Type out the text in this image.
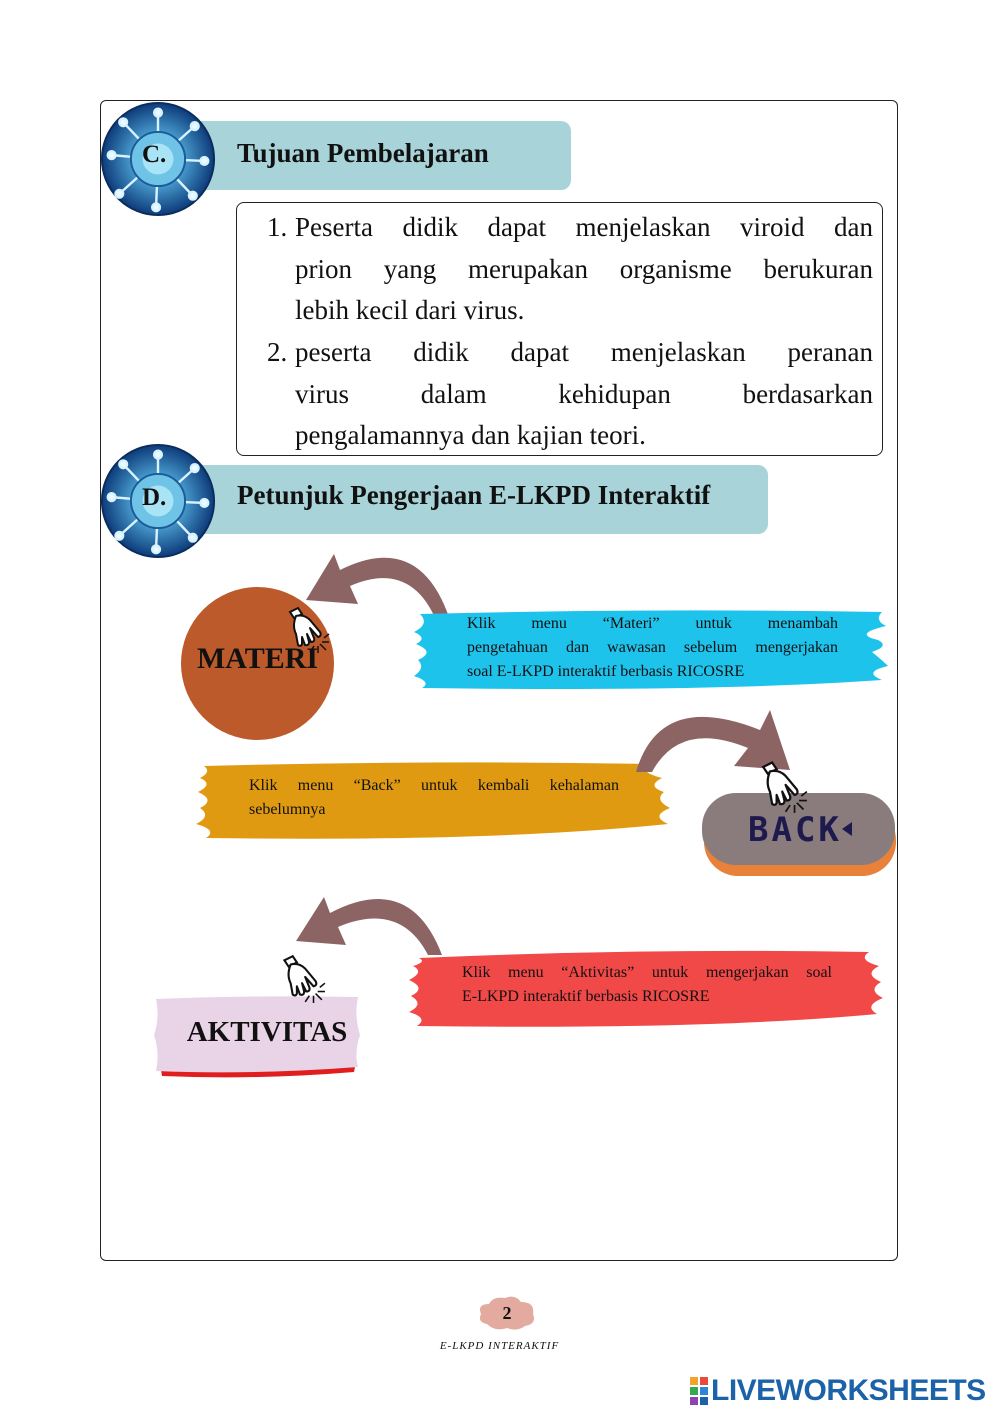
C.	Tujuan Pembelajaran
1. Peserta didik dapat menjelaskan viroid dan
prion yang merupakan organisme berukuran
lebih kecil dari virus.
2. peserta didik dapat menjelaskan peranan
virus dalam kehidupan berdasarkan
pengalamannya dan kajian teori.
D.	Petunjuk Pengerjaan E-LKPD Interaktif
MATERI
Klik menu “Materi” untuk menambah
pengetahuan dan wawasan sebelum mengerjakan
soal E-LKPD interaktif berbasis RICOSRE
Klik menu “Back” untuk kembali kehalaman
sebelumnya
BACK
AKTIVITAS
Klik menu “Aktivitas” untuk mengerjakan soal
E-LKPD interaktif berbasis RICOSRE
2
E-LKPD INTERAKTIF
LIVEWORKSHEETS
